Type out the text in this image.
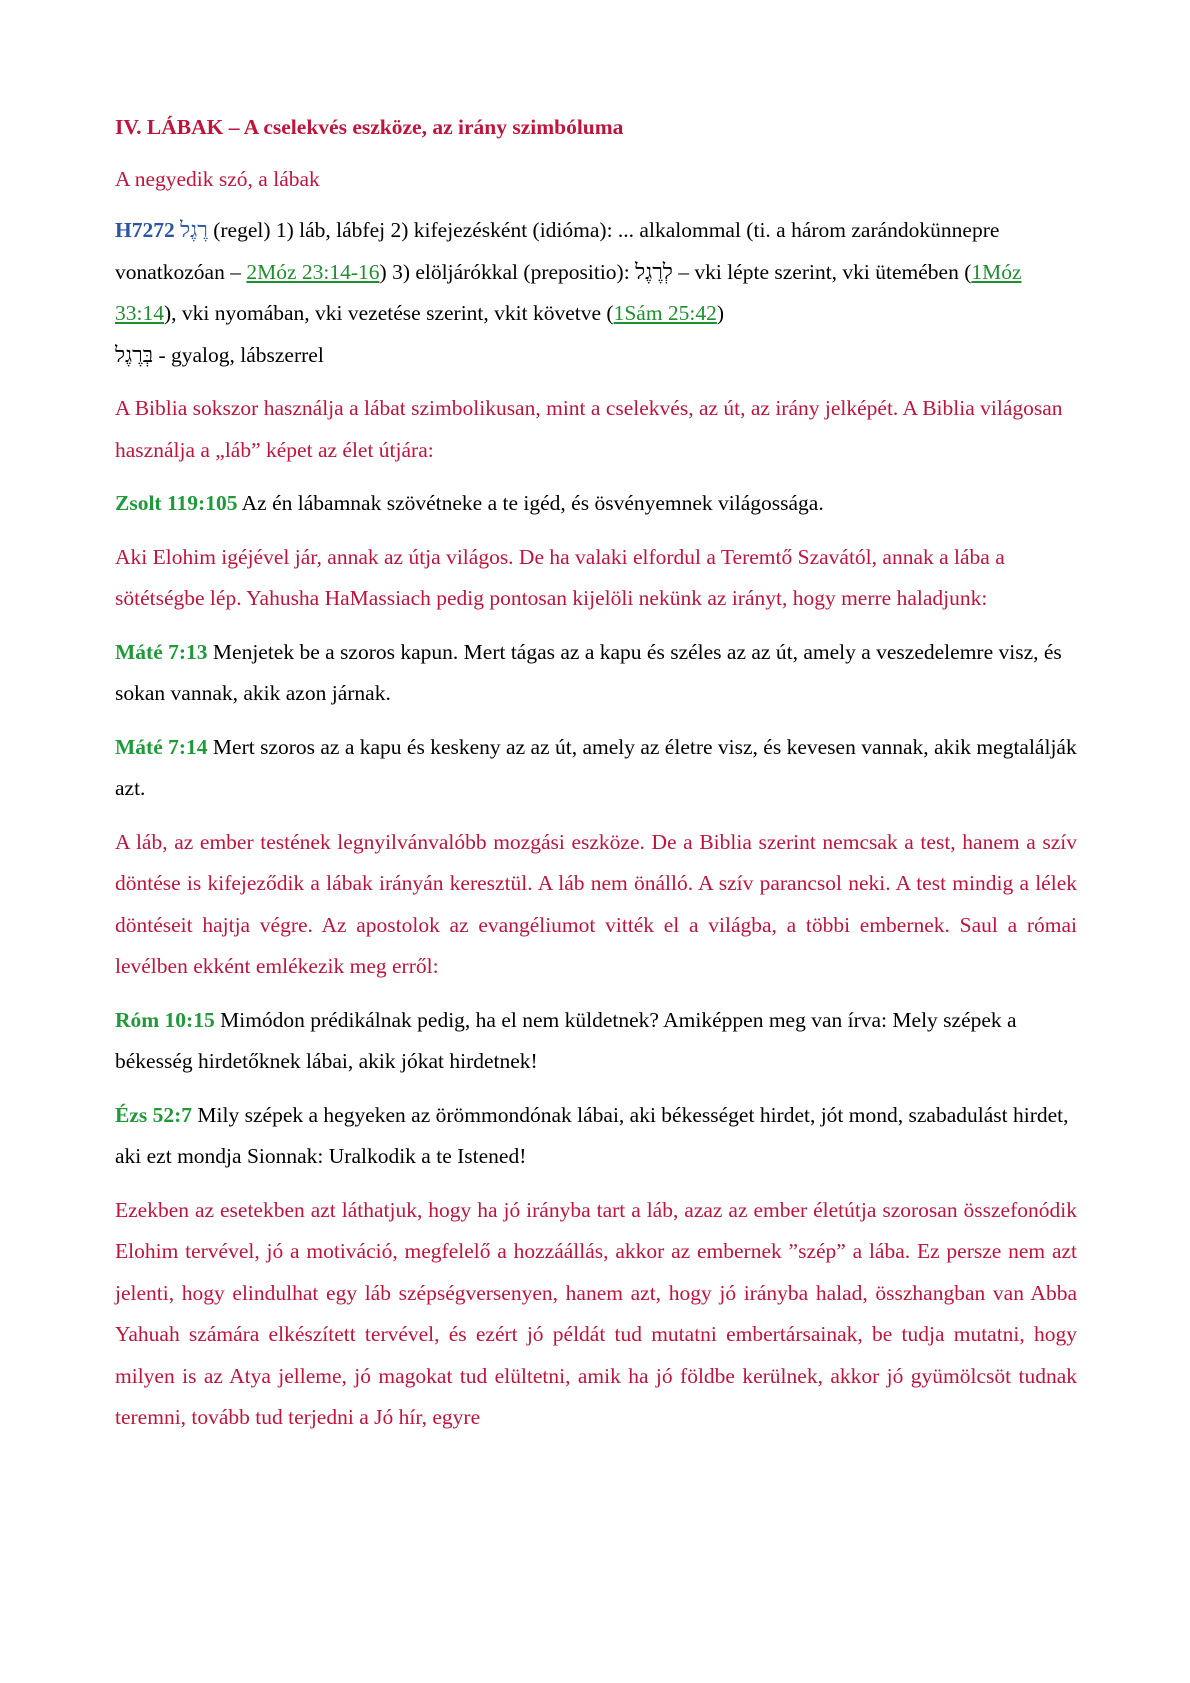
IV. LÁBAK – A cselekvés eszköze, az irány szimbóluma

A negyedik szó, a lábak

H7272 רֶגֶל (regel) 1) láb, lábfej 2) kifejezésként (idióma): ... alkalommal (ti. a három zarándokünnepre vonatkozóan – 2Móz 23:14-16) 3) elöljárókkal (prepositio): לְרֶגֶל – vki lépte szerint, vki ütemében (1Móz 33:14), vki nyomában, vki vezetése szerint, vkit követve (1Sám 25:42)
בְּרֶגֶל - gyalog, lábszerrel

A Biblia sokszor használja a lábat szimbolikusan, mint a cselekvés, az út, az irány jelképét. A Biblia világosan használja a „láb” képet az élet útjára:

Zsolt 119:105 Az én lábamnak szövétneke a te igéd, és ösvényemnek világossága.

Aki Elohim igéjével jár, annak az útja világos. De ha valaki elfordul a Teremtő Szavától, annak a lába a sötétségbe lép. Yahusha HaMassiach pedig pontosan kijelöli nekünk az irányt, hogy merre haladjunk:

Máté 7:13 Menjetek be a szoros kapun. Mert tágas az a kapu és széles az az út, amely a veszedelemre visz, és sokan vannak, akik azon járnak.

Máté 7:14 Mert szoros az a kapu és keskeny az az út, amely az életre visz, és kevesen vannak, akik megtalálják azt.

A láb, az ember testének legnyilvánvalóbb mozgási eszköze. De a Biblia szerint nemcsak a test, hanem a szív döntése is kifejeződik a lábak irányán keresztül. A láb nem önálló. A szív parancsol neki. A test mindig a lélek döntéseit hajtja végre. Az apostolok az evangéliumot vitték el a világba, a többi embernek. Saul a római levélben ekként emlékezik meg erről:

Róm 10:15 Mimódon prédikálnak pedig, ha el nem küldetnek? Amiképpen meg van írva: Mely szépek a békesség hirdetőknek lábai, akik jókat hirdetnek!

Ézs 52:7 Mily szépek a hegyeken az örömmondónak lábai, aki békességet hirdet, jót mond, szabadulást hirdet, aki ezt mondja Sionnak: Uralkodik a te Istened!

Ezekben az esetekben azt láthatjuk, hogy ha jó irányba tart a láb, azaz az ember életútja szorosan összefonódik Elohim tervével, jó a motiváció, megfelelő a hozzáállás, akkor az embernek ”szép” a lába. Ez persze nem azt jelenti, hogy elindulhat egy láb szépségversenyen, hanem azt, hogy jó irányba halad, összhangban van Abba Yahuah számára elkészített tervével, és ezért jó példát tud mutatni embertársainak, be tudja mutatni, hogy milyen is az Atya jelleme, jó magokat tud elültetni, amik ha jó földbe kerülnek, akkor jó gyümölcsöt tudnak teremni, tovább tud terjedni a Jó hír, egyre
